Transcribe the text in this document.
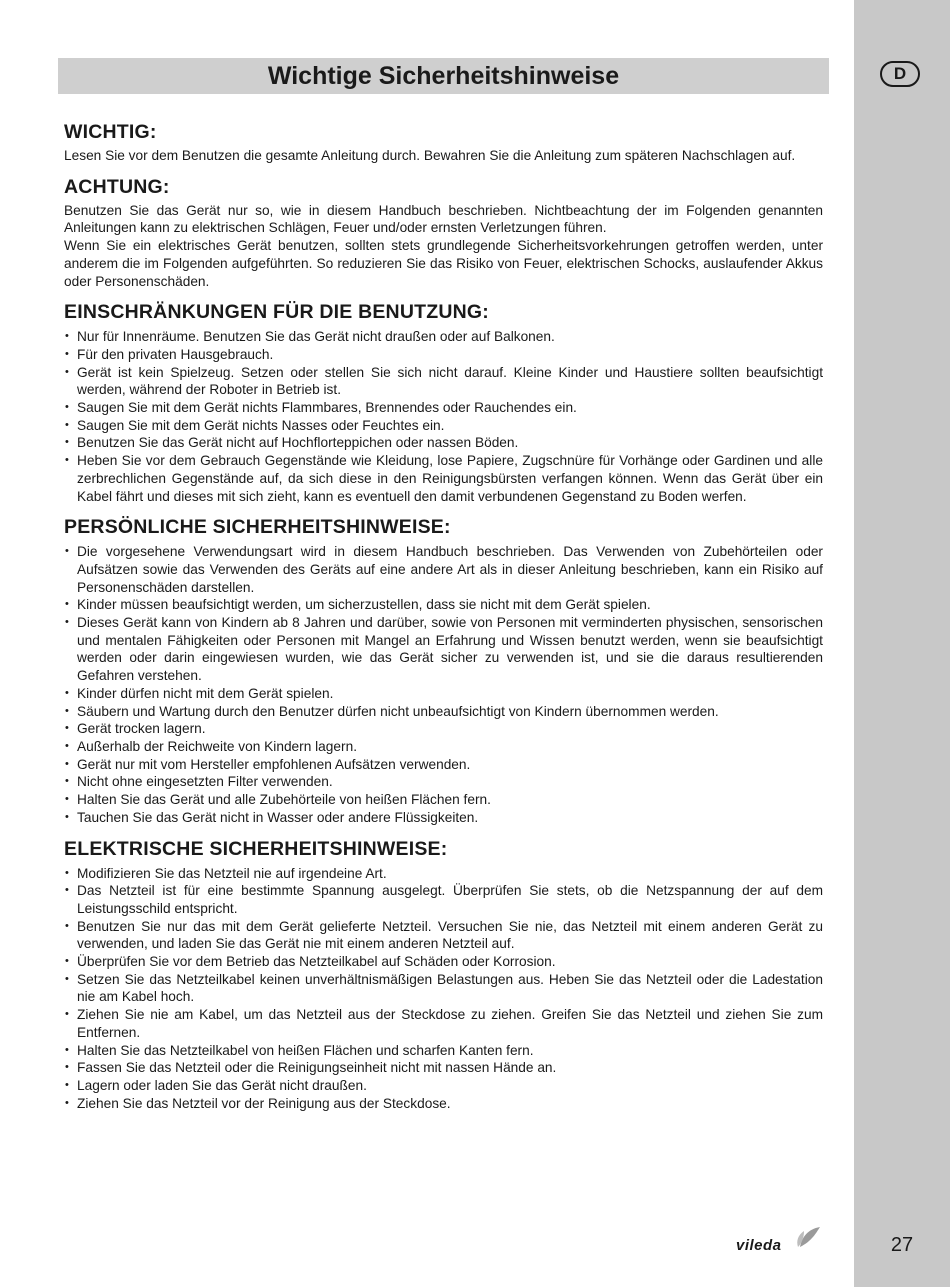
D
27
Wichtige Sicherheitshinweise
WICHTIG:

Lesen Sie vor dem Benutzen die gesamte Anleitung durch. Bewahren Sie die Anleitung zum späteren Nachschlagen auf.

ACHTUNG:

Benutzen Sie das Gerät nur so, wie in diesem Handbuch beschrieben. Nichtbeachtung der im Folgenden genannten Anleitungen kann zu elektrischen Schlägen, Feuer und/oder ernsten Verletzungen führen.

Wenn Sie ein elektrisches Gerät benutzen, sollten stets grundlegende Sicherheitsvorkehrungen getroffen werden, unter anderem die im Folgenden aufgeführten. So reduzieren Sie das Risiko von Feuer, elektrischen Schocks, auslaufender Akkus oder Personenschäden.

EINSCHRÄNKUNGEN FÜR DIE BENUTZUNG:
• Nur für Innenräume. Benutzen Sie das Gerät nicht draußen oder auf Balkonen.
• Für den privaten Hausgebrauch.
• Gerät ist kein Spielzeug. Setzen oder stellen Sie sich nicht darauf. Kleine Kinder und Haustiere sollten beaufsichtigt werden, während der Roboter in Betrieb ist.
• Saugen Sie mit dem Gerät nichts Flammbares, Brennendes oder Rauchendes ein.
• Saugen Sie mit dem Gerät nichts Nasses oder Feuchtes ein.
• Benutzen Sie das Gerät nicht auf Hochflorteppichen oder nassen Böden.
• Heben Sie vor dem Gebrauch Gegenstände wie Kleidung, lose Papiere, Zugschnüre für Vorhänge oder Gardinen und alle zerbrechlichen Gegenstände auf, da sich diese in den Reinigungsbürsten verfangen können. Wenn das Gerät über ein Kabel fährt und dieses mit sich zieht, kann es eventuell den damit verbundenen Gegenstand zu Boden werfen.
PERSÖNLICHE SICHERHEITSHINWEISE:
• Die vorgesehene Verwendungsart wird in diesem Handbuch beschrieben. Das Verwenden von Zubehörteilen oder Aufsätzen sowie das Verwenden des Geräts auf eine andere Art als in dieser Anleitung beschrieben, kann ein Risiko auf Personenschäden darstellen.
• Kinder müssen beaufsichtigt werden, um sicherzustellen, dass sie nicht mit dem Gerät spielen.
• Dieses Gerät kann von Kindern ab 8 Jahren und darüber, sowie von Personen mit verminderten physischen, sensorischen und mentalen Fähigkeiten oder Personen mit Mangel an Erfahrung und Wissen benutzt werden, wenn sie beaufsichtigt werden oder darin eingewiesen wurden, wie das Gerät sicher zu verwenden ist, und sie die daraus resultierenden Gefahren verstehen.
• Kinder dürfen nicht mit dem Gerät spielen.
• Säubern und Wartung durch den Benutzer dürfen nicht unbeaufsichtigt von Kindern übernommen werden.
• Gerät trocken lagern.
• Außerhalb der Reichweite von Kindern lagern.
• Gerät nur mit vom Hersteller empfohlenen Aufsätzen verwenden.
• Nicht ohne eingesetzten Filter verwenden.
• Halten Sie das Gerät und alle Zubehörteile von heißen Flächen fern.
• Tauchen Sie das Gerät nicht in Wasser oder andere Flüssigkeiten.
ELEKTRISCHE SICHERHEITSHINWEISE:
• Modifizieren Sie das Netzteil nie auf irgendeine Art.
• Das Netzteil ist für eine bestimmte Spannung ausgelegt. Überprüfen Sie stets, ob die Netzspannung der auf dem Leistungsschild entspricht.
• Benutzen Sie nur das mit dem Gerät gelieferte Netzteil. Versuchen Sie nie, das Netzteil mit einem anderen Gerät zu verwenden, und laden Sie das Gerät nie mit einem anderen Netzteil auf.
• Überprüfen Sie vor dem Betrieb das Netzteilkabel auf Schäden oder Korrosion.
• Setzen Sie das Netzteilkabel keinen unverhältnismäßigen Belastungen aus. Heben Sie das Netzteil oder die Ladestation nie am Kabel hoch.
• Ziehen Sie nie am Kabel, um das Netzteil aus der Steckdose zu ziehen. Greifen Sie das Netzteil und ziehen Sie zum Entfernen.
• Halten Sie das Netzteilkabel von heißen Flächen und scharfen Kanten fern.
• Fassen Sie das Netzteil oder die Reinigungseinheit nicht mit nassen Hände an.
• Lagern oder laden Sie das Gerät nicht draußen.
• Ziehen Sie das Netzteil vor der Reinigung aus der Steckdose.
vileda
